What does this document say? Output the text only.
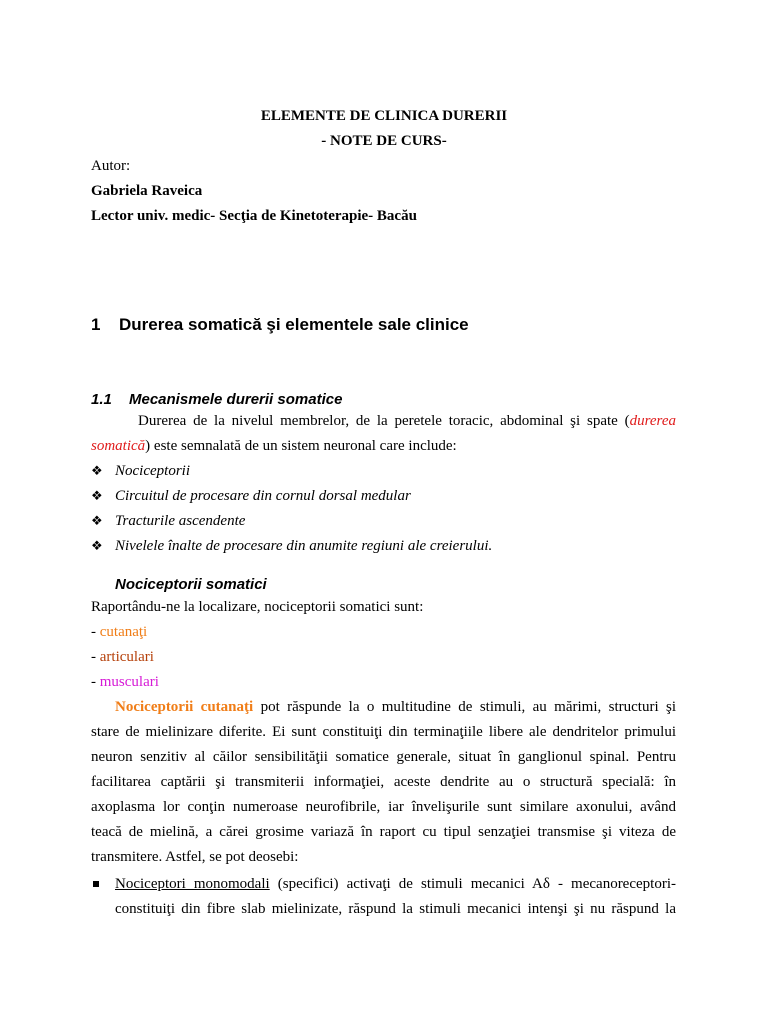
ELEMENTE DE CLINICA DURERII
- NOTE DE CURS-
Autor:
Gabriela Raveica
Lector univ. medic- Secţia de Kinetoterapie- Bacău
1 Durerea somatică şi elementele sale clinice
1.1 Mecanismele durerii somatice
Durerea de la nivelul membrelor, de la peretele toracic, abdominal şi spate (durerea
somatică) este semnalată de un sistem neuronal care include:
❖ Nociceptorii
❖ Circuitul de procesare din cornul dorsal medular
❖ Tracturile ascendente
❖ Nivelele înalte de procesare din anumite regiuni ale creierului.
Nociceptorii somatici
Raportându-ne la localizare, nociceptorii somatici sunt:
- cutanaţi
- articulari
- musculari
Nociceptorii cutanaţi pot răspunde la o multitudine de stimuli, au mărimi, structuri şi
stare de mielinizare diferite. Ei sunt constituiţi din terminaţiile libere ale dendritelor primului
neuron senzitiv al căilor sensibilităţii somatice generale, situat în ganglionul spinal. Pentru
facilitarea captării şi transmiterii informaţiei, aceste dendrite au o structură specială: în
axoplasma lor conţin numeroase neurofibrile, iar învelişurile sunt similare axonului, având
teacă de mielină, a cărei grosime variază în raport cu tipul senzaţiei transmise şi viteza de
transmitere. Astfel, se pot deosebi:
Nociceptori monomodali (specifici) activaţi de stimuli mecanici Aδ - mecanoreceptori-
constituiţi din fibre slab mielinizate, răspund la stimuli mecanici intenşi şi nu răspund la
